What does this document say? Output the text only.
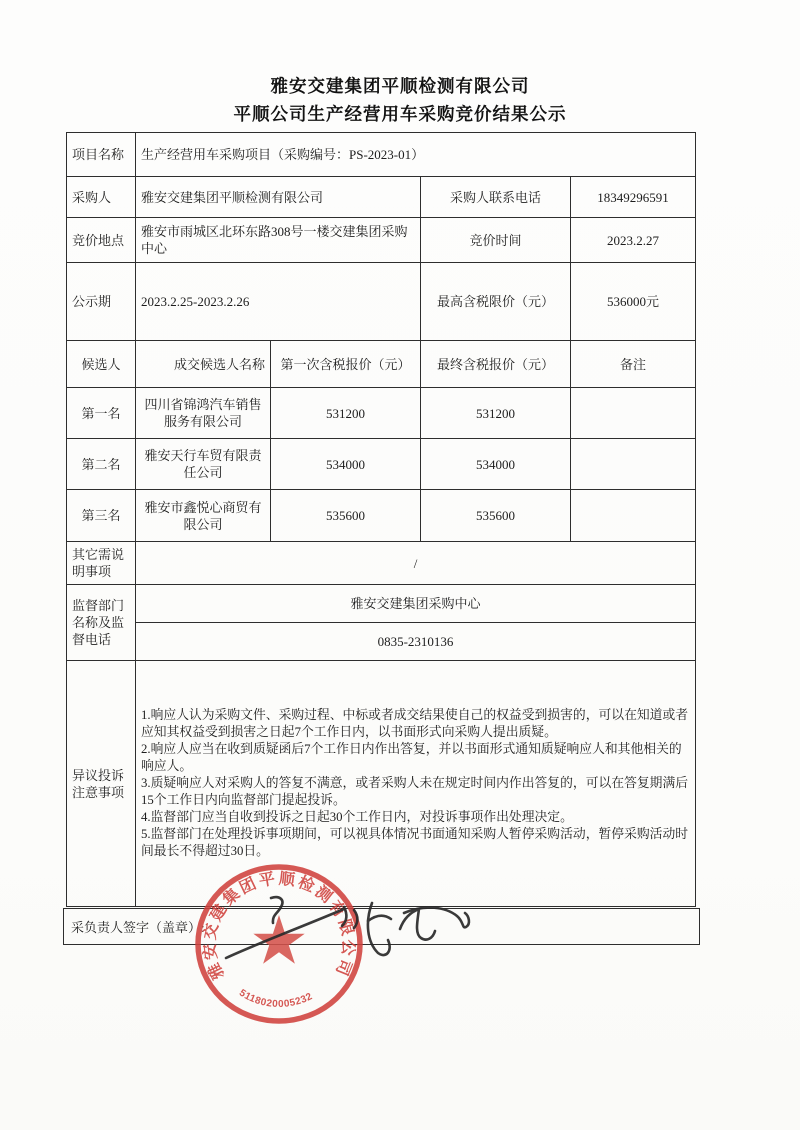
雅安交建集团平顺检测有限公司
平顺公司生产经营用车采购竞价结果公示
项目名称	生产经营用车采购项目（采购编号：PS-2023-01）			
采购人	雅安交建集团平顺检测有限公司		采购人联系电话	18349296591
竞价地点	雅安市雨城区北环东路308号一楼交建集团采购中心		竞价时间	2023.2.27
公示期	2023.2.25-2023.2.26		最高含税限价（元）	536000元
候选人	成交候选人名称	第一次含税报价（元）	最终含税报价（元）	备注
第一名	四川省锦鸿汽车销售服务有限公司	531200	531200	
第二名	雅安天行车贸有限责任公司	534000	534000	
第三名	雅安市鑫悦心商贸有限公司	535600	535600	
其它需说明事项	/			
监督部门名称及监督电话	雅安交建集团采购中心			
	0835-2310136			
异议投诉注意事项	1.响应人认为采购文件、采购过程、中标或者成交结果使自己的权益受到损害的，可以在知道或者应知其权益受到损害之日起7个工作日内，以书面形式向采购人提出质疑。

2.响应人应当在收到质疑函后7个工作日内作出答复，并以书面形式通知质疑响应人和其他相关的响应人。

3.质疑响应人对采购人的答复不满意，或者采购人未在规定时间内作出答复的，可以在答复期满后15个工作日内向监督部门提起投诉。

4.监督部门应当自收到投诉之日起30个工作日内，对投诉事项作出处理决定。

5.监督部门在处理投诉事项期间，可以视具体情况书面通知采购人暂停采购活动，暂停采购活动时间最长不得超过30日。			

采负责人签字（盖章）:
雅安交建集团平顺检测有限公司
5118020005232
